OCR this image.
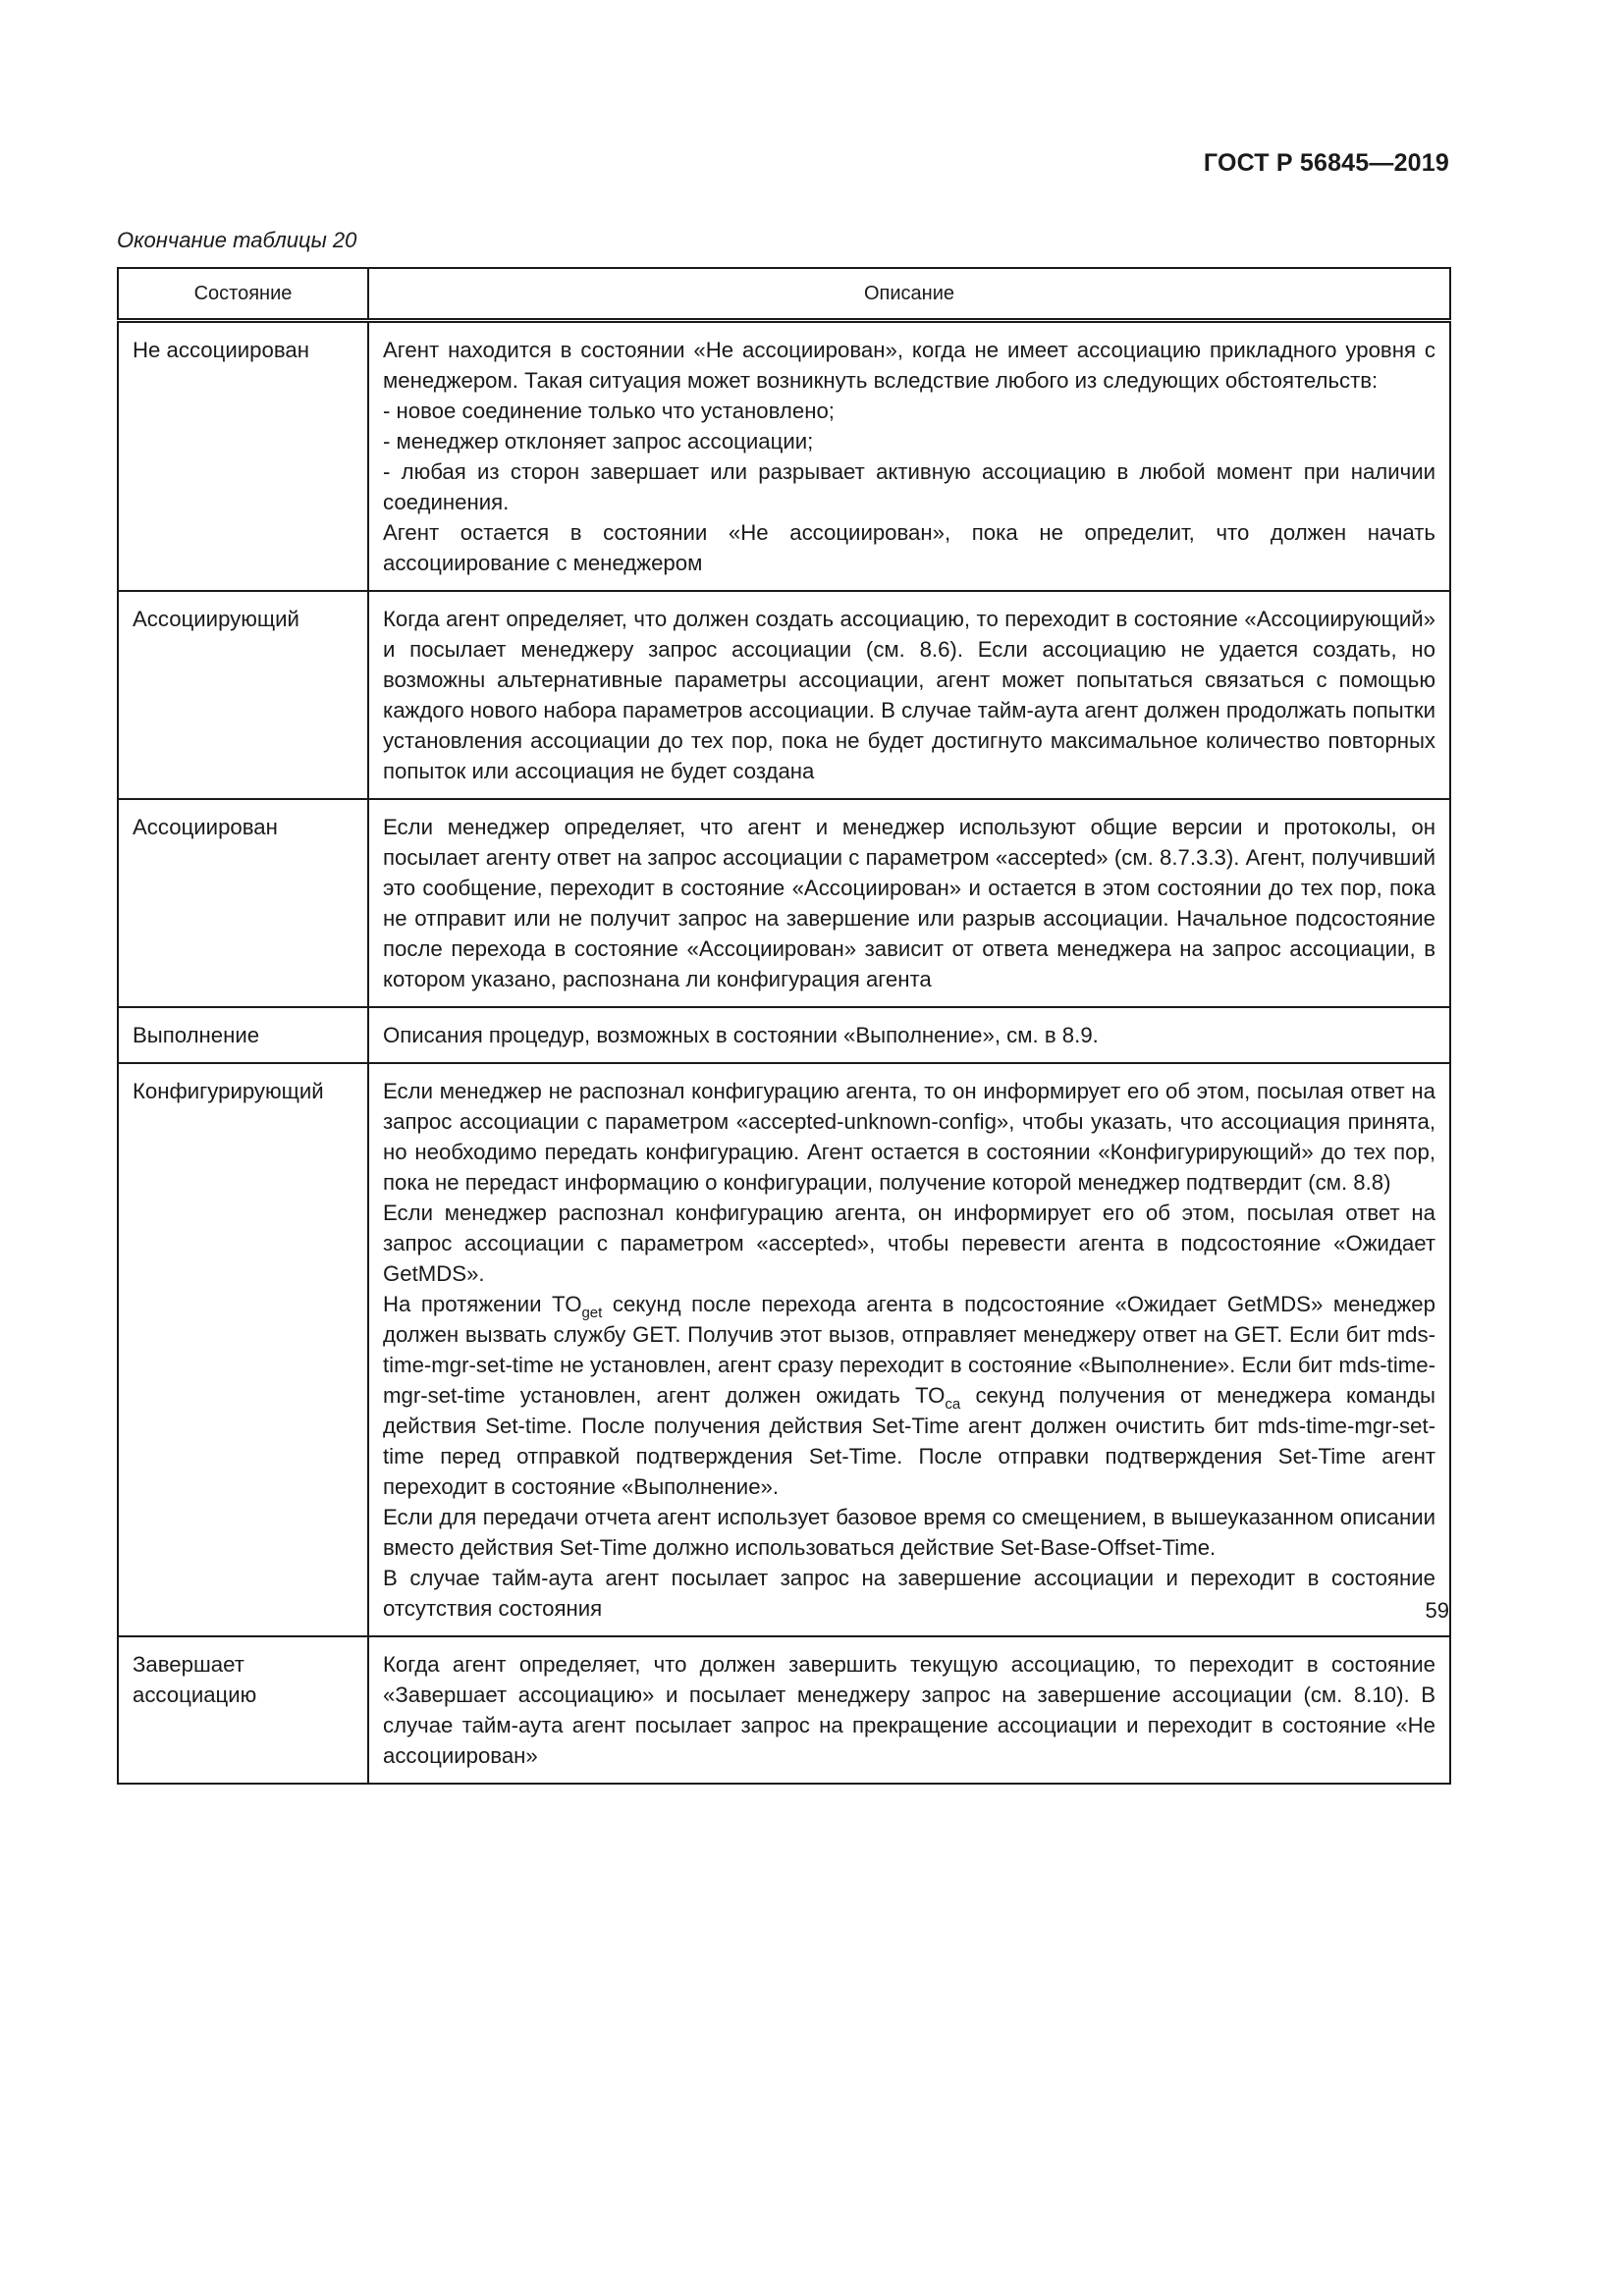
ГОСТ Р 56845—2019
Окончание таблицы 20
Состояние	Описание
Не ассоциирован	Агент находится в состоянии «Не ассоциирован», когда не имеет ассоциацию прикладного уровня с менеджером. Такая ситуация может возникнуть вследствие любого из следующих обстоятельств:

- новое соединение только что установлено;

- менеджер отклоняет запрос ассоциации;

- любая из сторон завершает или разрывает активную ассоциацию в любой момент при наличии соединения.

Агент остается в состоянии «Не ассоциирован», пока не определит, что должен начать ассоциирование с менеджером

Ассоциирующий	Когда агент определяет, что должен создать ассоциацию, то переходит в состояние «Ассоциирующий» и посылает менеджеру запрос ассоциации (см. 8.6). Если ассоциацию не удается создать, но возможны альтернативные параметры ассоциации, агент может попытаться связаться с помощью каждого нового набора параметров ассоциации. В случае тайм-аута агент должен продолжать попытки установления ассоциации до тех пор, пока не будет достигнуто максимальное количество повторных попыток или ассоциация не будет создана

Ассоциирован	Если менеджер определяет, что агент и менеджер используют общие версии и протоколы, он посылает агенту ответ на запрос ассоциации с параметром «accepted» (см. 8.7.3.3). Агент, получивший это сообщение, переходит в состояние «Ассоциирован» и остается в этом состоянии до тех пор, пока не отправит или не получит запрос на завершение или разрыв ассоциации. Начальное подсостояние после перехода в состояние «Ассоциирован» зависит от ответа менеджера на запрос ассоциации, в котором указано, распознана ли конфигурация агента

Выполнение	Описания процедур, возможных в состоянии «Выполнение», см. в 8.9.

Конфигурирующий	Если менеджер не распознал конфигурацию агента, то он информирует его об этом, посылая ответ на запрос ассоциации с параметром «accepted-unknown-config», чтобы указать, что ассоциация принята, но необходимо передать конфигурацию. Агент остается в состоянии «Конфигурирующий» до тех пор, пока не передаст информацию о конфигурации, получение которой менеджер подтвердит (см. 8.8)

Если менеджер распознал конфигурацию агента, он информирует его об этом, посылая ответ на запрос ассоциации с параметром «accepted», чтобы перевести агента в подсостояние «Ожидает GetMDS».

На протяжении $TO_{get}$ секунд после перехода агента в подсостояние «Ожидает GetMDS» менеджер должен вызвать службу GET. Получив этот вызов, отправляет менеджеру ответ на GET. Если бит mds-time-mgr-set-time не установлен, агент сразу переходит в состояние «Выполнение». Если бит mds-time-mgr-set-time установлен, агент должен ожидать $TO_{ca}$ секунд получения от менеджера команды действия Set-time. После получения действия Set-Time агент должен очистить бит mds-time-mgr-set-time перед отправкой подтверждения Set-Time. После отправки подтверждения Set-Time агент переходит в состояние «Выполнение».

Если для передачи отчета агент использует базовое время со смещением, в вышеуказанном описании вместо действия Set-Time должно использоваться действие Set-Base-Offset-Time.

В случае тайм-аута агент посылает запрос на завершение ассоциации и переходит в состояние отсутствия состояния

Завершает ассоциацию	Когда агент определяет, что должен завершить текущую ассоциацию, то переходит в состояние «Завершает ассоциацию» и посылает менеджеру запрос на завершение ассоциации (см. 8.10). В случае тайм-аута агент посылает запрос на прекращение ассоциации и переходит в состояние «Не ассоциирован»

59
